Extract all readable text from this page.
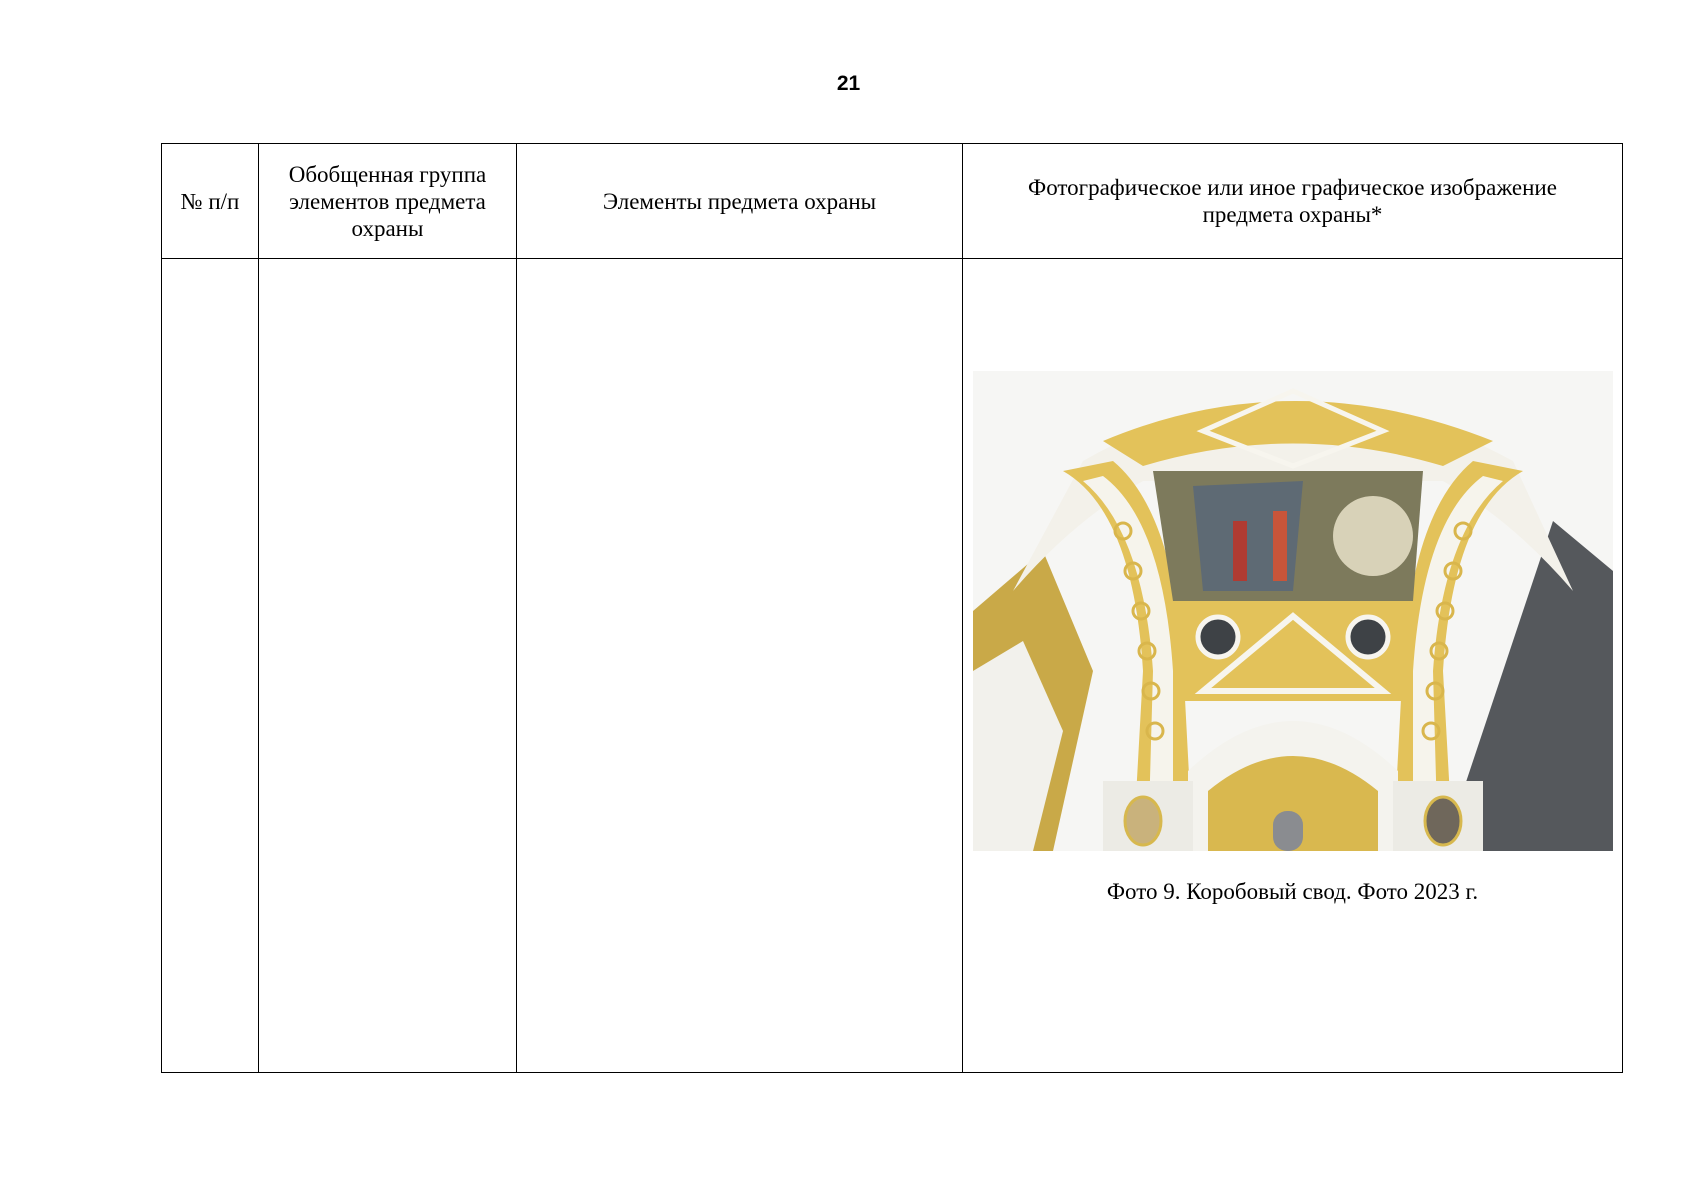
21
№ п/п	Обобщенная группа элементов предмета охраны	Элементы предмета охраны	Фотографическое или иное графическое изображение предмета охраны*

			Фото 9. Коробовый свод. Фото 2023 г.
